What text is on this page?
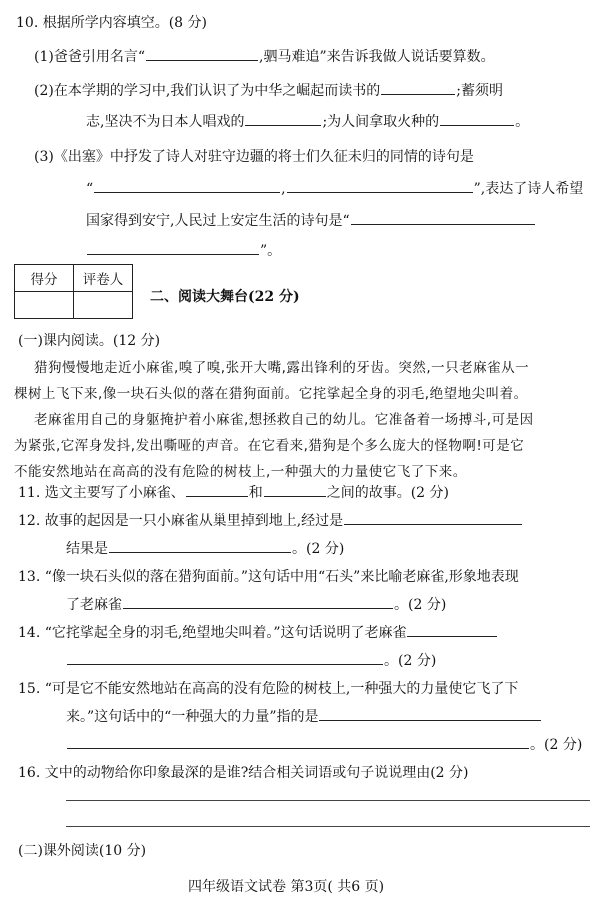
10. 根据所学内容填空。(8 分)
(1)爸爸引用名言“	,驷马难追”来告诉我做人说话要算数。
(2)在本学期的学习中,我们认识了为中华之崛起而读书的	;蓄须明
志,坚决不为日本人唱戏的	;为人间拿取火种的	。
(3)《出塞》中抒发了诗人对驻守边疆的将士们久征未归的同情的诗句是
“	,	”,表达了诗人希望
国家得到安宁,人民过上安定生活的诗句是“
”。
得分	评卷人

二、阅读大舞台(22 分)
(一)课内阅读。(12 分)
猎狗慢慢地走近小麻雀,嗅了嗅,张开大嘴,露出锋利的牙齿。突然,一只老麻雀从一
棵树上飞下来,像一块石头似的落在猎狗面前。它挓挲起全身的羽毛,绝望地尖叫着。
老麻雀用自己的身躯掩护着小麻雀,想拯救自己的幼儿。它准备着一场搏斗,可是因
为紧张,它浑身发抖,发出嘶哑的声音。在它看来,猎狗是个多么庞大的怪物啊!可是它
不能安然地站在高高的没有危险的树枝上,一种强大的力量使它飞了下来。
11. 选文主要写了小麻雀、	和	之间的故事。(2 分)
12. 故事的起因是一只小麻雀从巢里掉到地上,经过是
结果是	。(2 分)
13. “像一块石头似的落在猎狗面前。”这句话中用“石头”来比喻老麻雀,形象地表现
了老麻雀	。(2 分)
14. “它挓挲起全身的羽毛,绝望地尖叫着。”这句话说明了老麻雀
。(2 分)
15. “可是它不能安然地站在高高的没有危险的树枝上,一种强大的力量使它飞了下
来。”这句话中的“一种强大的力量”指的是
。(2 分)
16. 文中的动物给你印象最深的是谁?结合相关词语或句子说说理由(2 分)
(二)课外阅读(10 分)
四年级语文试卷 第3页( 共6 页)
